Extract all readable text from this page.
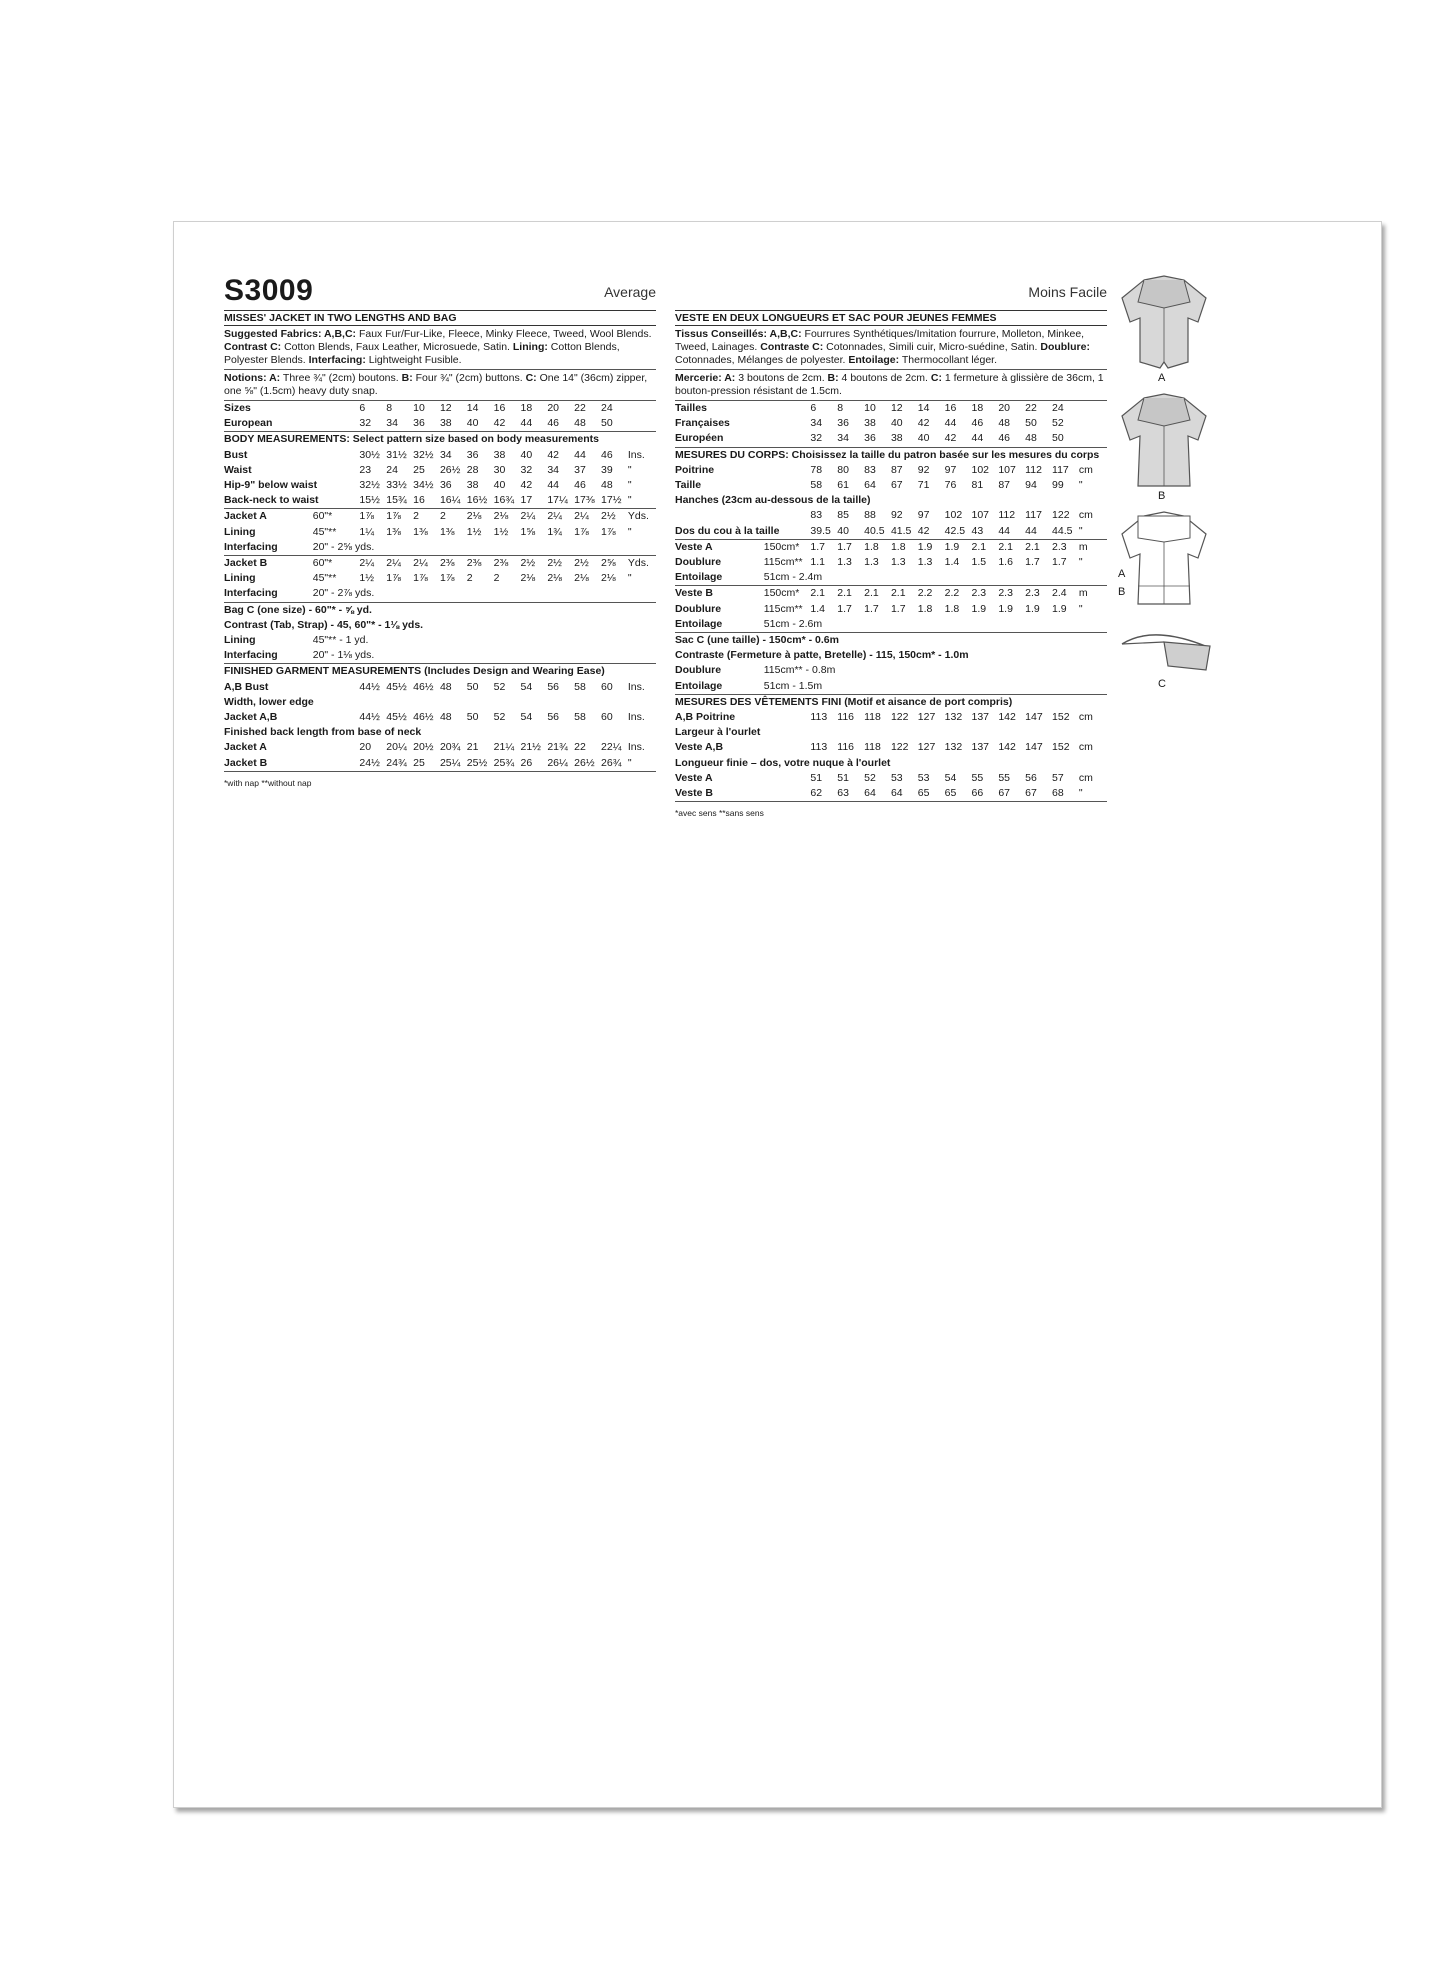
S3009	Average
MISSES' JACKET IN TWO LENGTHS AND BAG
Suggested Fabrics: A,B,C: Faux Fur/Fur-Like, Fleece, Minky Fleece, Tweed, Wool Blends. Contrast C: Cotton Blends, Faux Leather, Microsuede, Satin. Lining: Cotton Blends, Polyester Blends. Interfacing: Lightweight Fusible.
Notions: A: Three ¾" (2cm) boutons. B: Four ¾" (2cm) buttons. C: One 14" (36cm) zipper, one ⅝" (1.5cm) heavy duty snap.
Sizes		6	8	10	12	14	16	18	20	22	24	
European		32	34	36	38	40	42	44	46	48	50	
BODY MEASUREMENTS: Select pattern size based on body measurements												
Bust		30½	31½	32½	34	36	38	40	42	44	46	Ins.
Waist		23	24	25	26½	28	30	32	34	37	39	"
Hip-9" below waist		32½	33½	34½	36	38	40	42	44	46	48	"
Back-neck to waist		15½	15¾	16	16¼	16½	16¾	17	17¼	17⅜	17½	"

Jacket A	60"*	1⅞	1⅞	2	2	2⅛	2⅛	2¼	2¼	2¼	2½	Yds.
Lining	45"**	1¼	1⅜	1⅜	1⅜	1½	1½	1⅝	1¾	1⅞	1⅞	"
Interfacing	20" - 2⅝ yds.											
Jacket B	60"*	2¼	2¼	2¼	2⅜	2⅜	2⅜	2½	2½	2½	2⅝	Yds.
Lining	45"**	1½	1⅞	1⅞	1⅞	2	2	2⅛	2⅛	2⅛	2⅛	"
Interfacing	20" - 2⅞ yds.											
Bag C (one size) - 60"* - ⅝ yd.												
Contrast (Tab, Strap) - 45, 60"* - 1⅛ yds.												
Lining	45"** - 1 yd.											
Interfacing	20" - 1⅛ yds.											
FINISHED GARMENT MEASUREMENTS (Includes Design and Wearing Ease)												
A,B Bust		44½	45½	46½	48	50	52	54	56	58	60	Ins.
Width, lower edge												
Jacket A,B		44½	45½	46½	48	50	52	54	56	58	60	Ins.
Finished back length from base of neck												
Jacket A		20	20¼	20½	20¾	21	21¼	21½	21¾	22	22¼	Ins.
Jacket B		24½	24¾	25	25¼	25½	25¾	26	26¼	26½	26¾	"
*with nap **without nap
Moins Facile
VESTE EN DEUX LONGUEURS ET SAC POUR JEUNES FEMMES
Tissus Conseillés: A,B,C: Fourrures Synthétiques/Imitation fourrure, Molleton, Minkee, Tweed, Lainages. Contraste C: Cotonnades, Simili cuir, Micro-suédine, Satin. Doublure: Cotonnades, Mélanges de polyester. Entoilage: Thermocollant léger.
Mercerie: A: 3 boutons de 2cm. B: 4 boutons de 2cm. C: 1 fermeture à glissière de 36cm, 1 bouton-pression résistant de 1.5cm.
Tailles		6	8	10	12	14	16	18	20	22	24	
Françaises		34	36	38	40	42	44	46	48	50	52	
Européen		32	34	36	38	40	42	44	46	48	50	
MESURES DU CORPS: Choisissez la taille du patron basée sur les mesures du corps												
Poitrine		78	80	83	87	92	97	102	107	112	117	cm
Taille		58	61	64	67	71	76	81	87	94	99	"
Hanches (23cm au-dessous de la taille)												
		83	85	88	92	97	102	107	112	117	122	cm
Dos du cou à la taille		39.5	40	40.5	41.5	42	42.5	43	44	44	44.5	"
Veste A	150cm*	1.7	1.7	1.8	1.8	1.9	1.9	2.1	2.1	2.1	2.3	m
Doublure	115cm**	1.1	1.3	1.3	1.3	1.3	1.4	1.5	1.6	1.7	1.7	"
Entoilage	51cm - 2.4m											
Veste B	150cm*	2.1	2.1	2.1	2.1	2.2	2.2	2.3	2.3	2.3	2.4	m
Doublure	115cm**	1.4	1.7	1.7	1.7	1.8	1.8	1.9	1.9	1.9	1.9	"
Entoilage	51cm - 2.6m											
Sac C (une taille) - 150cm* - 0.6m												
Contraste (Fermeture à patte, Bretelle) - 115, 150cm* - 1.0m												
Doublure	115cm** - 0.8m											
Entoilage	51cm - 1.5m											
MESURES DES VÊTEMENTS FINI (Motif et aisance de port compris)												
A,B Poitrine		113	116	118	122	127	132	137	142	147	152	cm
Largeur à l'ourlet												
Veste A,B		113	116	118	122	127	132	137	142	147	152	cm
Longueur finie – dos, votre nuque à l'ourlet												
Veste A		51	51	52	53	53	54	55	55	56	57	cm
Veste B		62	63	64	64	65	65	66	67	67	68	"
*avec sens **sans sens
A
B
A
B
C
